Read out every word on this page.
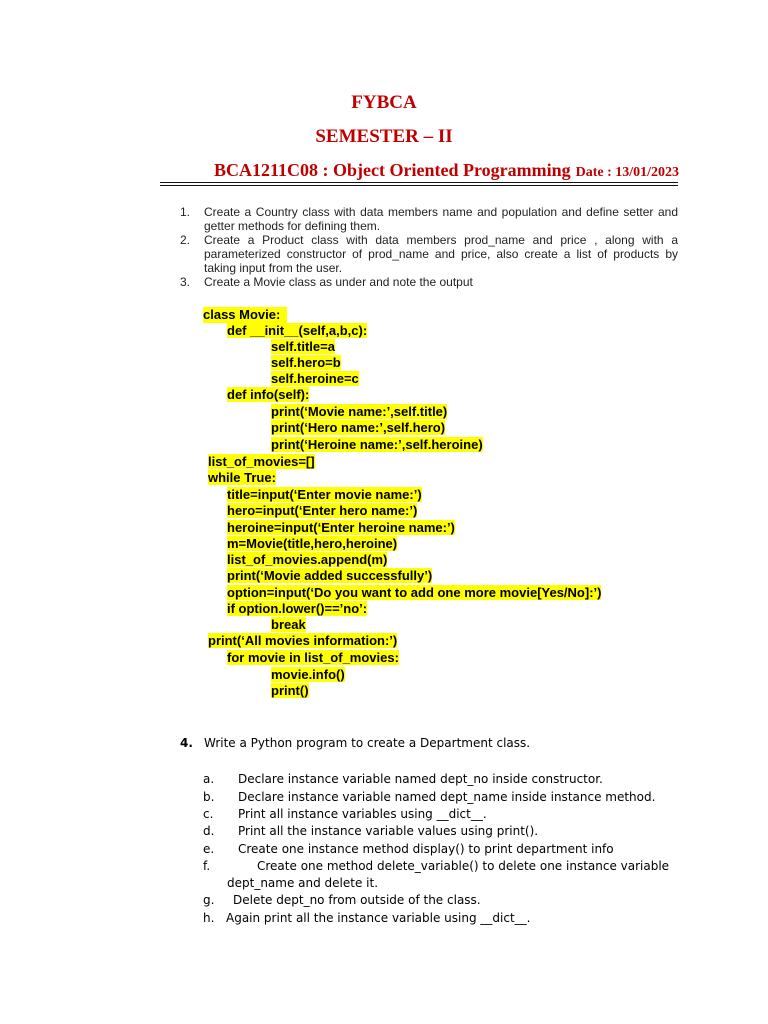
FYBCA
SEMESTER – II
BCA1211C08 : Object Oriented Programming Date : 13/01/2023
1. Create a Country class with data members name and population and define setter and getter methods for defining them.
2. Create a Product class with data members prod_name and price , along with a parameterized constructor of prod_name and price, also create a list of products by taking input from the user.
3. Create a Movie class as under and note the output
class Movie:
def __init__(self,a,b,c):
self.title=a
self.hero=b
self.heroine=c
def info(self):
print(‘Movie name:’,self.title)
print(‘Hero name:’,self.hero)
print(‘Heroine name:’,self.heroine)
list_of_movies=[]
while True:
title=input(‘Enter movie name:’)
hero=input(‘Enter hero name:’)
heroine=input(‘Enter heroine name:’)
m=Movie(title,hero,heroine)
list_of_movies.append(m)
print(‘Movie added successfully’)
option=input(‘Do you want to add one more movie[Yes/No]:’)
if option.lower()==’no’:
break
print(‘All movies information:’)
for movie in list_of_movies:
movie.info()
print()
4. Write a Python program to create a Department class.
a. Declare instance variable named dept_no inside constructor.
b. Declare instance variable named dept_name inside instance method.
c. Print all instance variables using __dict__.
d. Print all the instance variable values using print().
e. Create one instance method display() to print department info
f.	Create one method delete_variable() to delete one instance variable
dept_name and delete it.
g. Delete dept_no from outside of the class.
h. Again print all the instance variable using __dict__.
